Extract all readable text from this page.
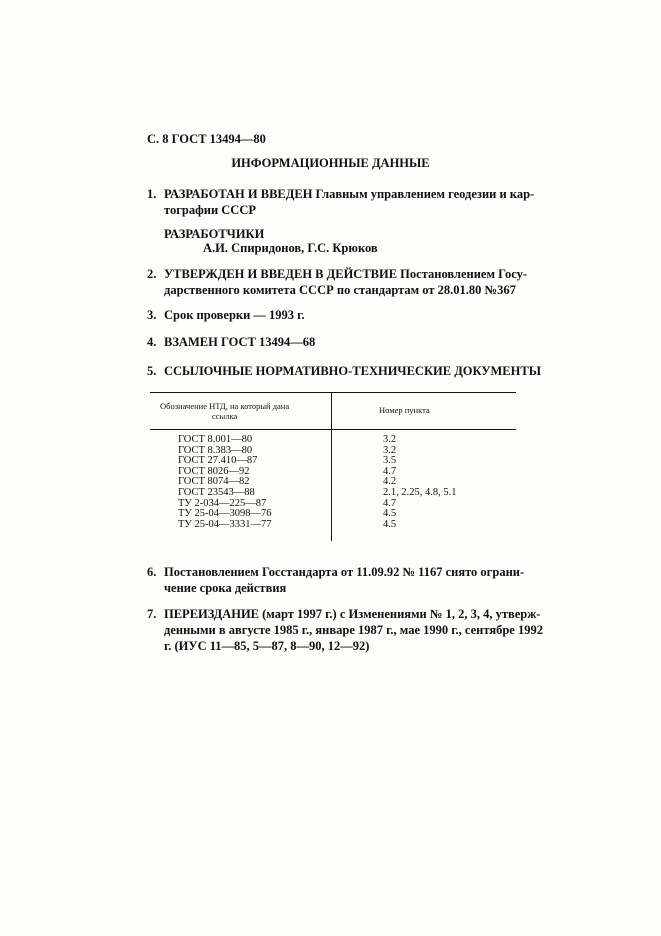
С. 8 ГОСТ 13494—80
ИНФОРМАЦИОННЫЕ ДАННЫЕ
1. РАЗРАБОТАН И ВВЕДЕН Главным управлением геодезии и кар-
тографии СССР
РАЗРАБОТЧИКИ
А.И. Спиридонов, Г.С. Крюков
2. УТВЕРЖДЕН И ВВЕДЕН В ДЕЙСТВИЕ Постановлением Госу-
дарственного комитета СССР по стандартам от 28.01.80 №367
3. Срок проверки — 1993 г.
4. ВЗАМЕН ГОСТ 13494—68
5. ССЫЛОЧНЫЕ НОРМАТИВНО-ТЕХНИЧЕСКИЕ ДОКУМЕНТЫ
Обозначение НТД, на который дана
ссылка
Номер пункта
ГОСТ 8.001—80
ГОСТ 8.383—80
ГОСТ 27.410—87
ГОСТ 8026—92
ГОСТ 8074—82
ГОСТ 23543—88
ТУ 2-034—225—87
ТУ 25-04—3098—76
ТУ 25-04—3331—77
3.2
3.2
3.5
4.7
4.2
2.1, 2.25, 4.8, 5.1
4.7
4.5
4.5
6. Постановлением Госстандарта от 11.09.92 № 1167 снято ограни-
чение срока действия
7. ПЕРЕИЗДАНИЕ (март 1997 г.) с Изменениями № 1, 2, 3, 4, утверж-
денными в августе 1985 г., январе 1987 г., мае 1990 г., сентябре 1992
г. (ИУС 11—85, 5—87, 8—90, 12—92)
